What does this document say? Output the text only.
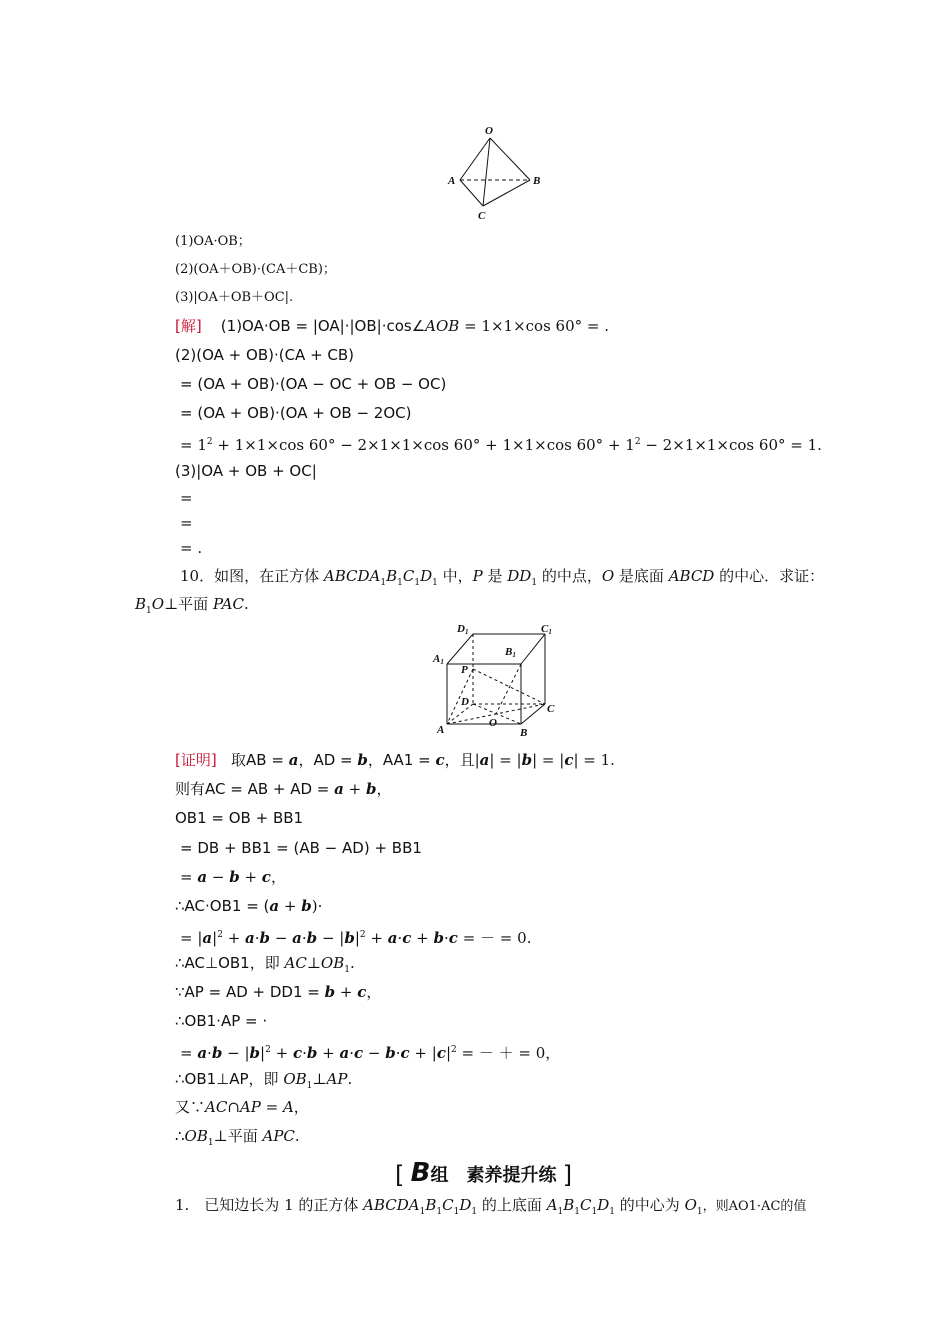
O
A	B
C
(1)OA·OB；
(2)(OA＋OB)·(CA＋CB)；
(3)|OA＋OB＋OC|.
[解] (1)OA·OB = |OA|·|OB|·cos∠AOB = 1×1×cos 60° = .
(2)(OA + OB)·(CA + CB)
= (OA + OB)·(OA − OC + OB − OC)
= (OA + OB)·(OA + OB − 2OC)
= $1^2 + 1\times 1\times\cos$ 60° − 2×1×1×cos 60° + 1×1×cos $60^\circ + 1^2 - 2\times 1\times 1\times\cos$ 60° = 1.
(3)|OA + OB + OC|
=
=
= .
10．如图，在正方体 $ABCDA_1B_1C_1D_1$ 中，P 是 $DD_1$ 的中点，O 是底面 ABCD 的中心．求证：
$B_1O\perp$平面 PAC.
D1	C1
A1
B1
P
D
C
A
O
B
[证明] 取AB = a，AD = b，AA1 = c，且|a| = |b| = |c| = 1.
则有AC = AB + AD = a + b，
OB1 = OB + BB1
= DB + BB1 = (AB − AD) + BB1
= a − b + c，
∴AC·OB1 = (a + b)·
= $|a|^2 + a\cdot b - a\cdot b - |b|^2 + a\cdot c + b\cdot c$ = － = 0.
∴AC⊥OB1，即 $AC\perp OB_1$.
∵AP = AD + DD1 = b + c，
∴OB1·AP = ·
= $a\cdot b - |b|^2 + c\cdot b + a\cdot c - b\cdot c + |c|^2$ = － ＋ = 0，
∴OB1⊥AP，即 $OB_1\perp AP$.
又∵AC∩AP = A，
$\therefore OB_1\perp$平面 APC.
[ B组　素养提升练 ]
1.　已知边长为 1 的正方体 $ABCDA_1B_1C_1D_1$ 的上底面 $A_1B_1C_1D_1$ 的中心为 $O_1$，则AO1·AC的值
